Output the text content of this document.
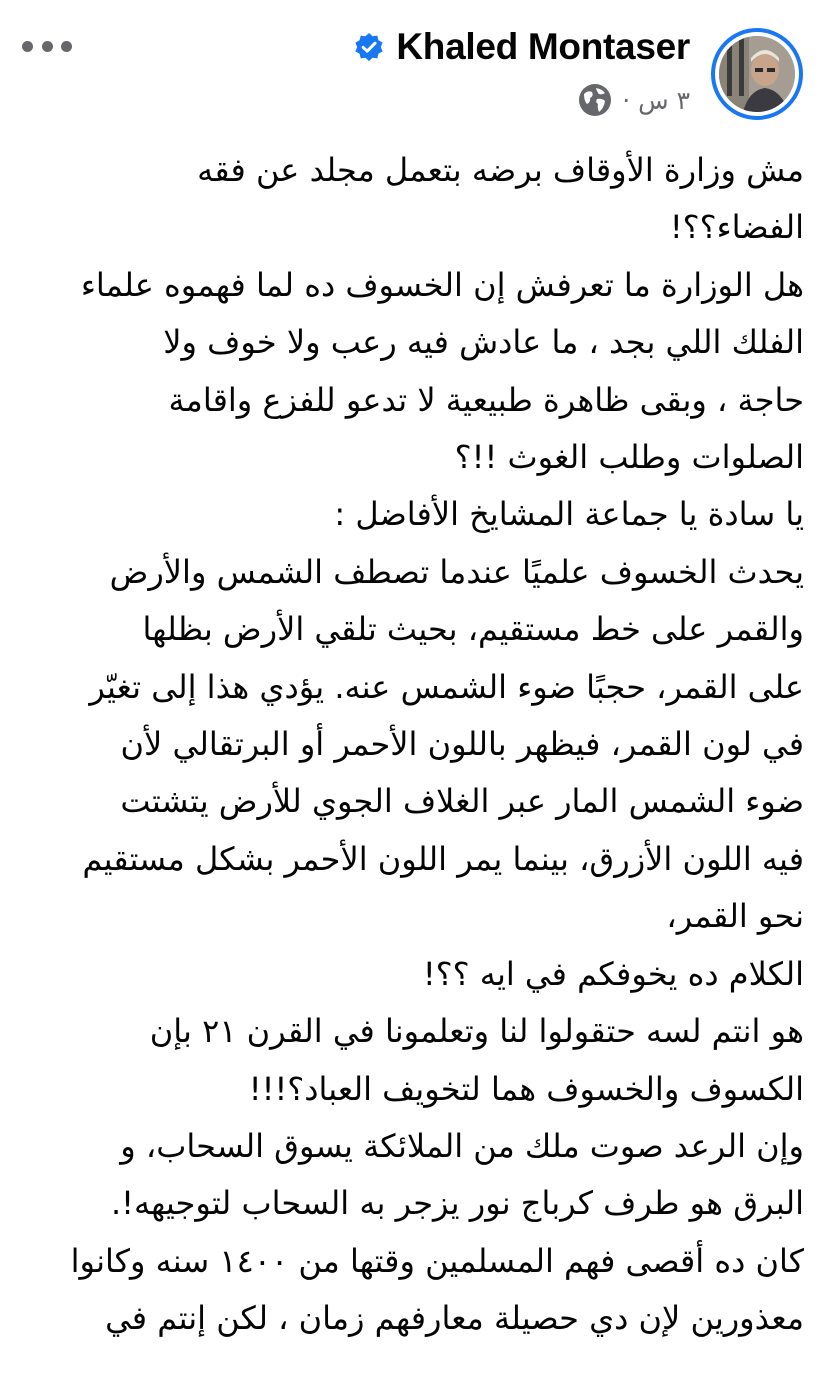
Khaled Montaser
٣ س ·
مش وزارة الأوقاف برضه بتعمل مجلد عن فقه
الفضاء؟؟!
هل الوزارة ما تعرفش إن الخسوف ده لما فهموه علماء
الفلك اللي بجد ، ما عادش فيه رعب ولا خوف ولا
حاجة ، وبقى ظاهرة طبيعية لا تدعو للفزع واقامة
الصلوات وطلب الغوث !!؟
يا سادة يا جماعة المشايخ الأفاضل :
يحدث الخسوف علميًا عندما تصطف الشمس والأرض
والقمر على خط مستقيم، بحيث تلقي الأرض بظلها
على القمر، حجبًا ضوء الشمس عنه. يؤدي هذا إلى تغيّر
في لون القمر، فيظهر باللون الأحمر أو البرتقالي لأن
ضوء الشمس المار عبر الغلاف الجوي للأرض يتشتت
فيه اللون الأزرق، بينما يمر اللون الأحمر بشكل مستقيم
نحو القمر،
الكلام ده يخوفكم في ايه ؟؟!
هو انتم لسه حتقولوا لنا وتعلمونا في القرن ٢١ بإن
الكسوف والخسوف هما لتخويف العباد؟!!!
وإن الرعد صوت ملك من الملائكة يسوق السحاب، و
البرق هو طرف كرباج نور يزجر به السحاب لتوجيهه!.
كان ده أقصى فهم المسلمين وقتها من ١٤٠٠ سنه وكانوا
معذورين لإن دي حصيلة معارفهم زمان ، لكن إنتم في
